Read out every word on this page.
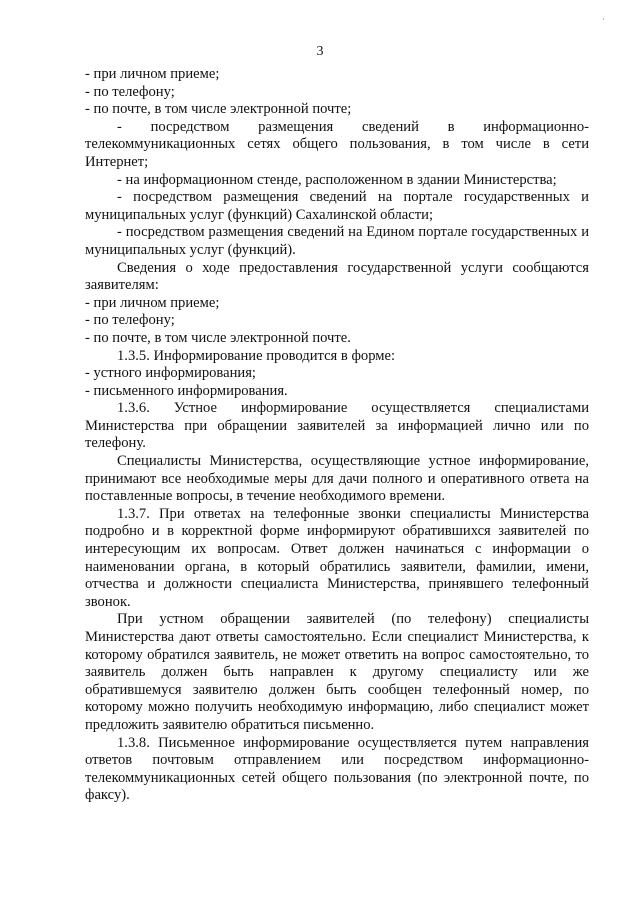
·
3

- при личном приеме;

- по телефону;

- по почте, в том числе электронной почте;

- посредством размещения сведений в информационно-телекоммуникационных сетях общего пользования, в том числе в сети Интернет;

- на информационном стенде, расположенном в здании Министерства;

- посредством размещения сведений на портале государственных и муниципальных услуг (функций) Сахалинской области;

- посредством размещения сведений на Едином портале государственных и муниципальных услуг (функций).

Сведения о ходе предоставления государственной услуги сообщаются заявителям:

- при личном приеме;

- по телефону;

- по почте, в том числе электронной почте.

1.3.5. Информирование проводится в форме:

- устного информирования;

- письменного информирования.

1.3.6. Устное информирование осуществляется специалистами Министерства при обращении заявителей за информацией лично или по телефону.

Специалисты Министерства, осуществляющие устное информирование, принимают все необходимые меры для дачи полного и оперативного ответа на поставленные вопросы, в течение необходимого времени.

1.3.7. При ответах на телефонные звонки специалисты Министерства подробно и в корректной форме информируют обратившихся заявителей по интересующим их вопросам. Ответ должен начинаться с информации о наименовании органа, в который обратились заявители, фамилии, имени, отчества и должности специалиста Министерства, принявшего телефонный звонок.

При устном обращении заявителей (по телефону) специалисты Министерства дают ответы самостоятельно. Если специалист Министерства, к которому обратился заявитель, не может ответить на вопрос самостоятельно, то заявитель должен быть направлен к другому специалисту или же обратившемуся заявителю должен быть сообщен телефонный номер, по которому можно получить необходимую информацию, либо специалист может предложить заявителю обратиться письменно.

1.3.8. Письменное информирование осуществляется путем направления ответов почтовым отправлением или посредством информационно-телекоммуникационных сетей общего пользования (по электронной почте, по факсу).
